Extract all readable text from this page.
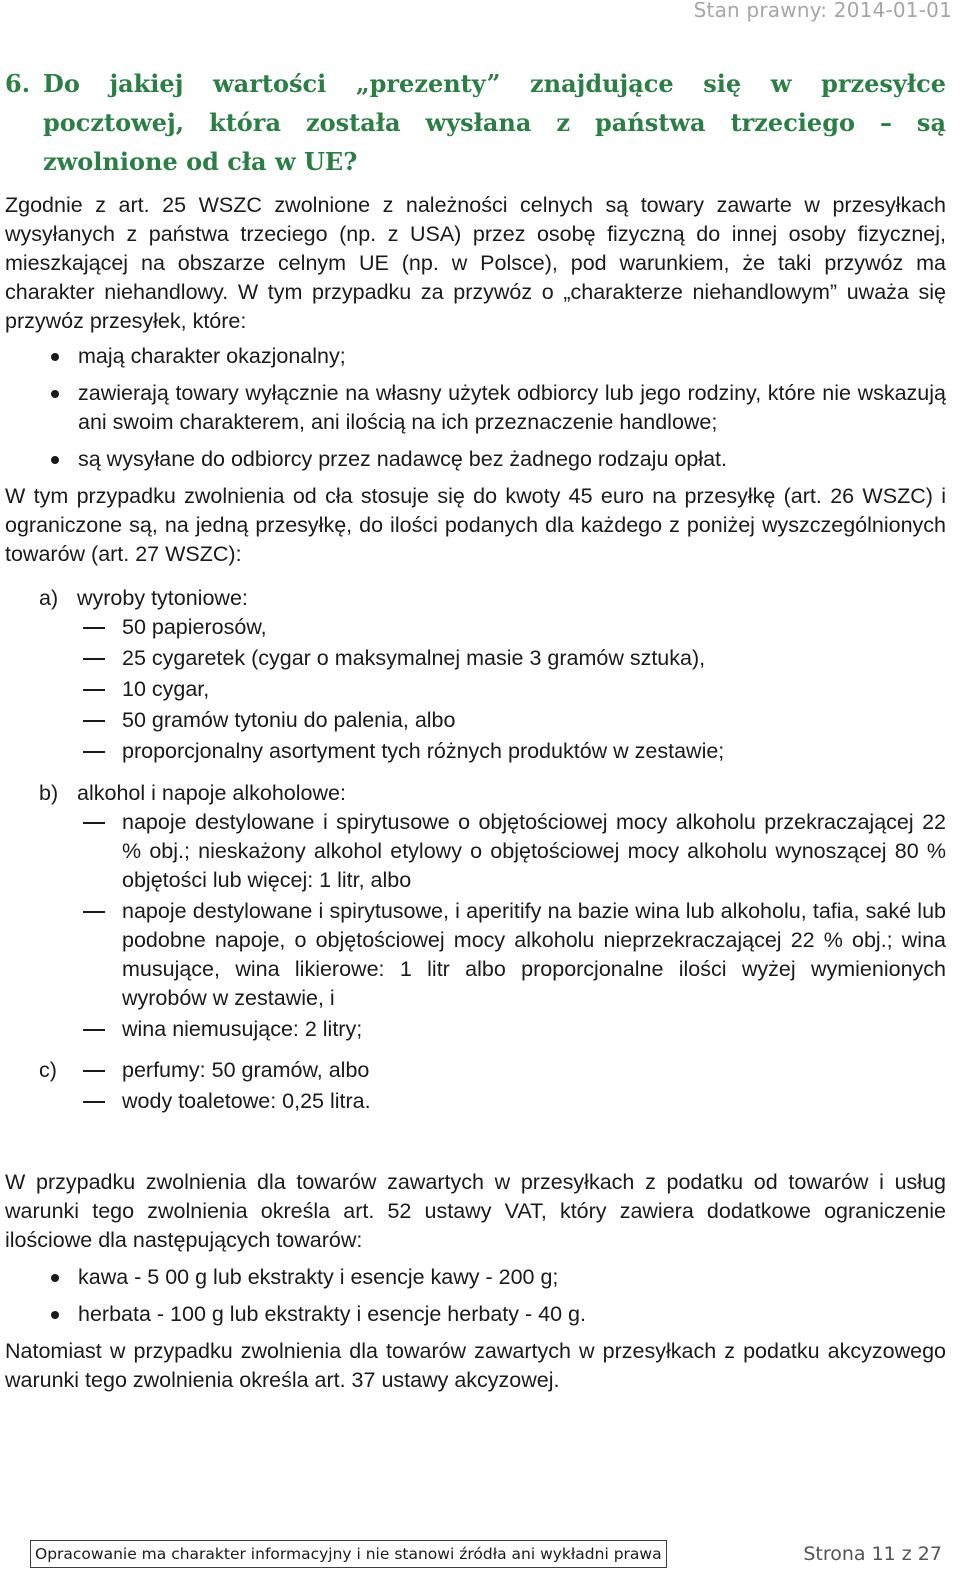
Stan prawny: 2014-01-01
6. Do jakiej wartości „prezenty” znajdujące się w przesyłce pocztowej, która została wysłana z państwa trzeciego – są zwolnione od cła w UE?

Zgodnie z art. 25 WSZC zwolnione z należności celnych są towary zawarte w przesyłkach wysyłanych z państwa trzeciego (np. z USA) przez osobę fizyczną do innej osoby fizycznej, mieszkającej na obszarze celnym UE (np. w Polsce), pod warunkiem, że taki przywóz ma charakter niehandlowy. W tym przypadku za przywóz o „charakterze niehandlowym” uważa się przywóz przesyłek, które:

mają charakter okazjonalny;
zawierają towary wyłącznie na własny użytek odbiorcy lub jego rodziny, które nie wskazują ani swoim charakterem, ani ilością na ich przeznaczenie handlowe;
są wysyłane do odbiorcy przez nadawcę bez żadnego rodzaju opłat.

W tym przypadku zwolnienia od cła stosuje się do kwoty 45 euro na przesyłkę (art. 26 WSZC) i ograniczone są, na jedną przesyłkę, do ilości podanych dla każdego z poniżej wyszczególnionych towarów (art. 27 WSZC):

a) wyroby tytoniowe:
50 papierosów,
25 cygaretek (cygar o maksymalnej masie 3 gramów sztuka),
10 cygar,
50 gramów tytoniu do palenia, albo
proporcjonalny asortyment tych różnych produktów w zestawie;
b) alkohol i napoje alkoholowe:
napoje destylowane i spirytusowe o objętościowej mocy alkoholu przekraczającej 22 % obj.; nieskażony alkohol etylowy o objętościowej mocy alkoholu wynoszącej 80 % objętości lub więcej: 1 litr, albo
napoje destylowane i spirytusowe, i aperitify na bazie wina lub alkoholu, tafia, saké lub podobne napoje, o objętościowej mocy alkoholu nieprzekraczającej 22 % obj.; wina musujące, wina likierowe: 1 litr albo proporcjonalne ilości wyżej wymienionych wyrobów w zestawie, i
wina niemusujące: 2 litry;
c)	perfumy: 50 gramów, albo
wody toaletowe: 0,25 litra.

W przypadku zwolnienia dla towarów zawartych w przesyłkach z podatku od towarów i usług warunki tego zwolnienia określa art. 52 ustawy VAT, który zawiera dodatkowe ograniczenie ilościowe dla następujących towarów:

kawa - 5 00 g lub ekstrakty i esencje kawy - 200 g;
herbata - 100 g lub ekstrakty i esencje herbaty - 40 g.

Natomiast w przypadku zwolnienia dla towarów zawartych w przesyłkach z podatku akcyzowego warunki tego zwolnienia określa art. 37 ustawy akcyzowej.

Opracowanie ma charakter informacyjny i nie stanowi źródła ani wykładni prawa	Strona 11 z 27
